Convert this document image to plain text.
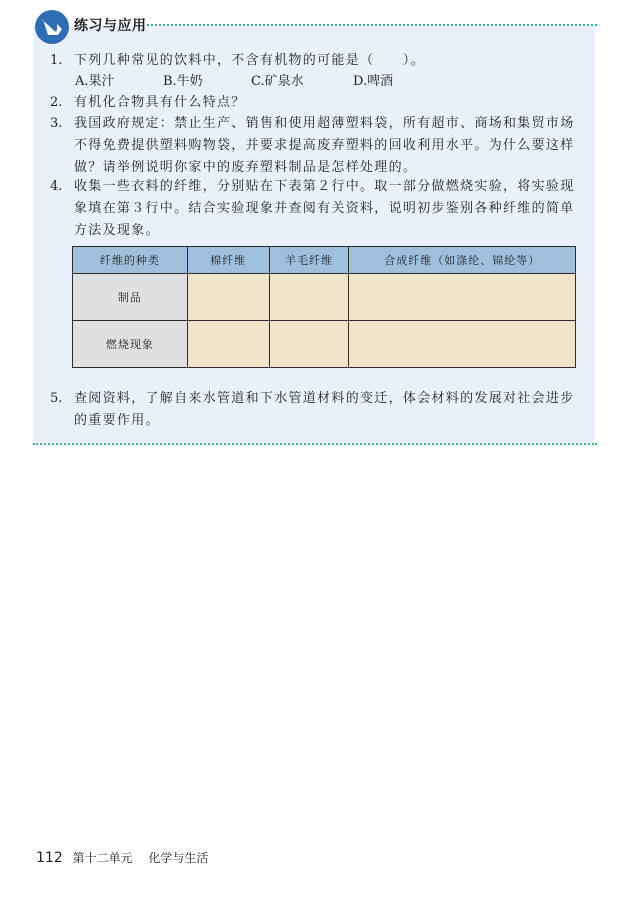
练习与应用
1. 下列几种常见的饮料中，不含有机物的可能是（　　）。
A.果汁	B.牛奶	C.矿泉水	D.啤酒
2. 有机化合物具有什么特点？
3. 我国政府规定：禁止生产、销售和使用超薄塑料袋，所有超市、商场和集贸市场不得免费提供塑料购物袋，并要求提高废弃塑料的回收利用水平。为什么要这样做？请举例说明你家中的废弃塑料制品是怎样处理的。
4. 收集一些衣料的纤维，分别贴在下表第２行中。取一部分做燃烧实验，将实验现象填在第３行中。结合实验现象并查阅有关资料，说明初步鉴别各种纤维的简单方法及现象。
纤维的种类	棉纤维	羊毛纤维	合成纤维（如涤纶、锦纶等）
制品			
燃烧现象			
5. 查阅资料，了解自来水管道和下水管道材料的变迁，体会材料的发展对社会进步的重要作用。
112 第十二单元 化学与生活
